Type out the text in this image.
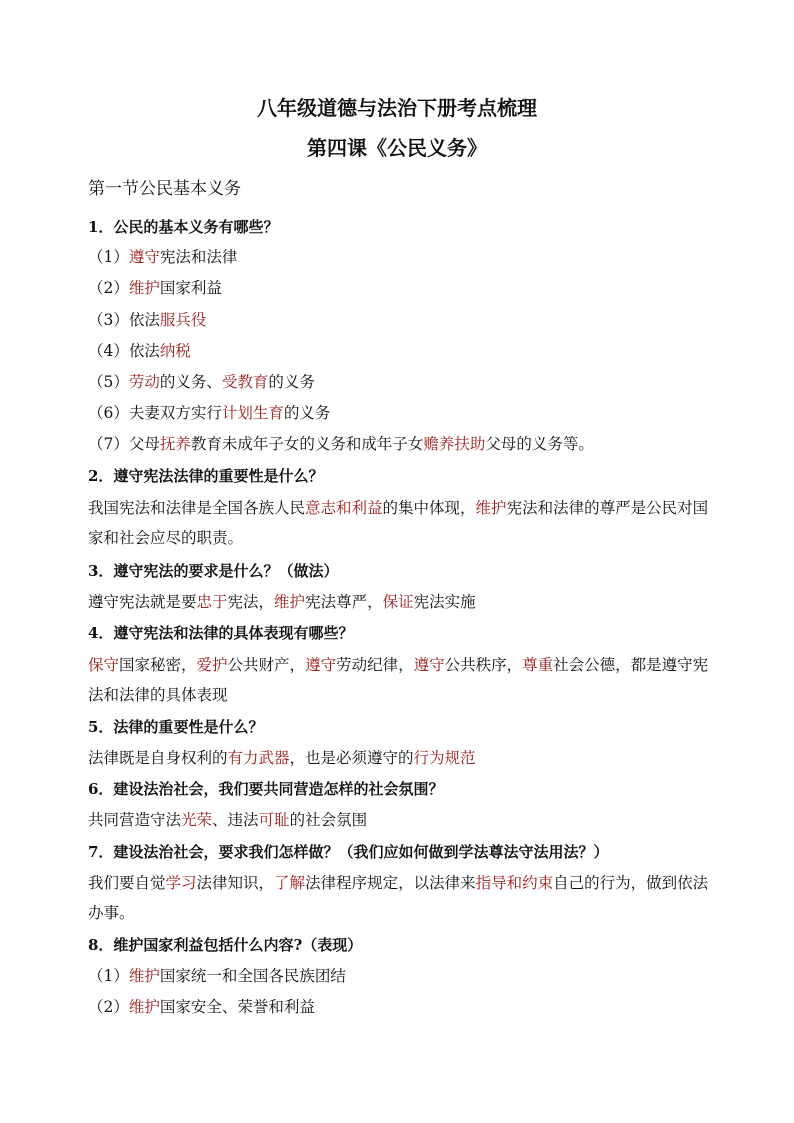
八年级道德与法治下册考点梳理
第四课《公民义务》

第一节公民基本义务

1．公民的基本义务有哪些？

（1）遵守宪法和法律

（2）维护国家利益

（3）依法服兵役

（4）依法纳税

（5）劳动的义务、受教育的义务

（6）夫妻双方实行计划生育的义务

（7）父母抚养教育未成年子女的义务和成年子女赡养扶助父母的义务等。

2．遵守宪法法律的重要性是什么？

我国宪法和法律是全国各族人民意志和利益的集中体现，维护宪法和法律的尊严是公民对国家和社会应尽的职责。

3．遵守宪法的要求是什么？（做法）

遵守宪法就是要忠于宪法，维护宪法尊严，保证宪法实施

4．遵守宪法和法律的具体表现有哪些？

保守国家秘密，爱护公共财产，遵守劳动纪律，遵守公共秩序，尊重社会公德，都是遵守宪法和法律的具体表现

5．法律的重要性是什么？

法律既是自身权利的有力武器，也是必须遵守的行为规范

6．建设法治社会，我们要共同营造怎样的社会氛围？

共同营造守法光荣、违法可耻的社会氛围

7．建设法治社会，要求我们怎样做？（我们应如何做到学法尊法守法用法？）

我们要自觉学习法律知识，了解法律程序规定，以法律来指导和约束自己的行为，做到依法办事。

8．维护国家利益包括什么内容?（表现）

（1）维护国家统一和全国各民族团结

（2）维护国家安全、荣誉和利益
